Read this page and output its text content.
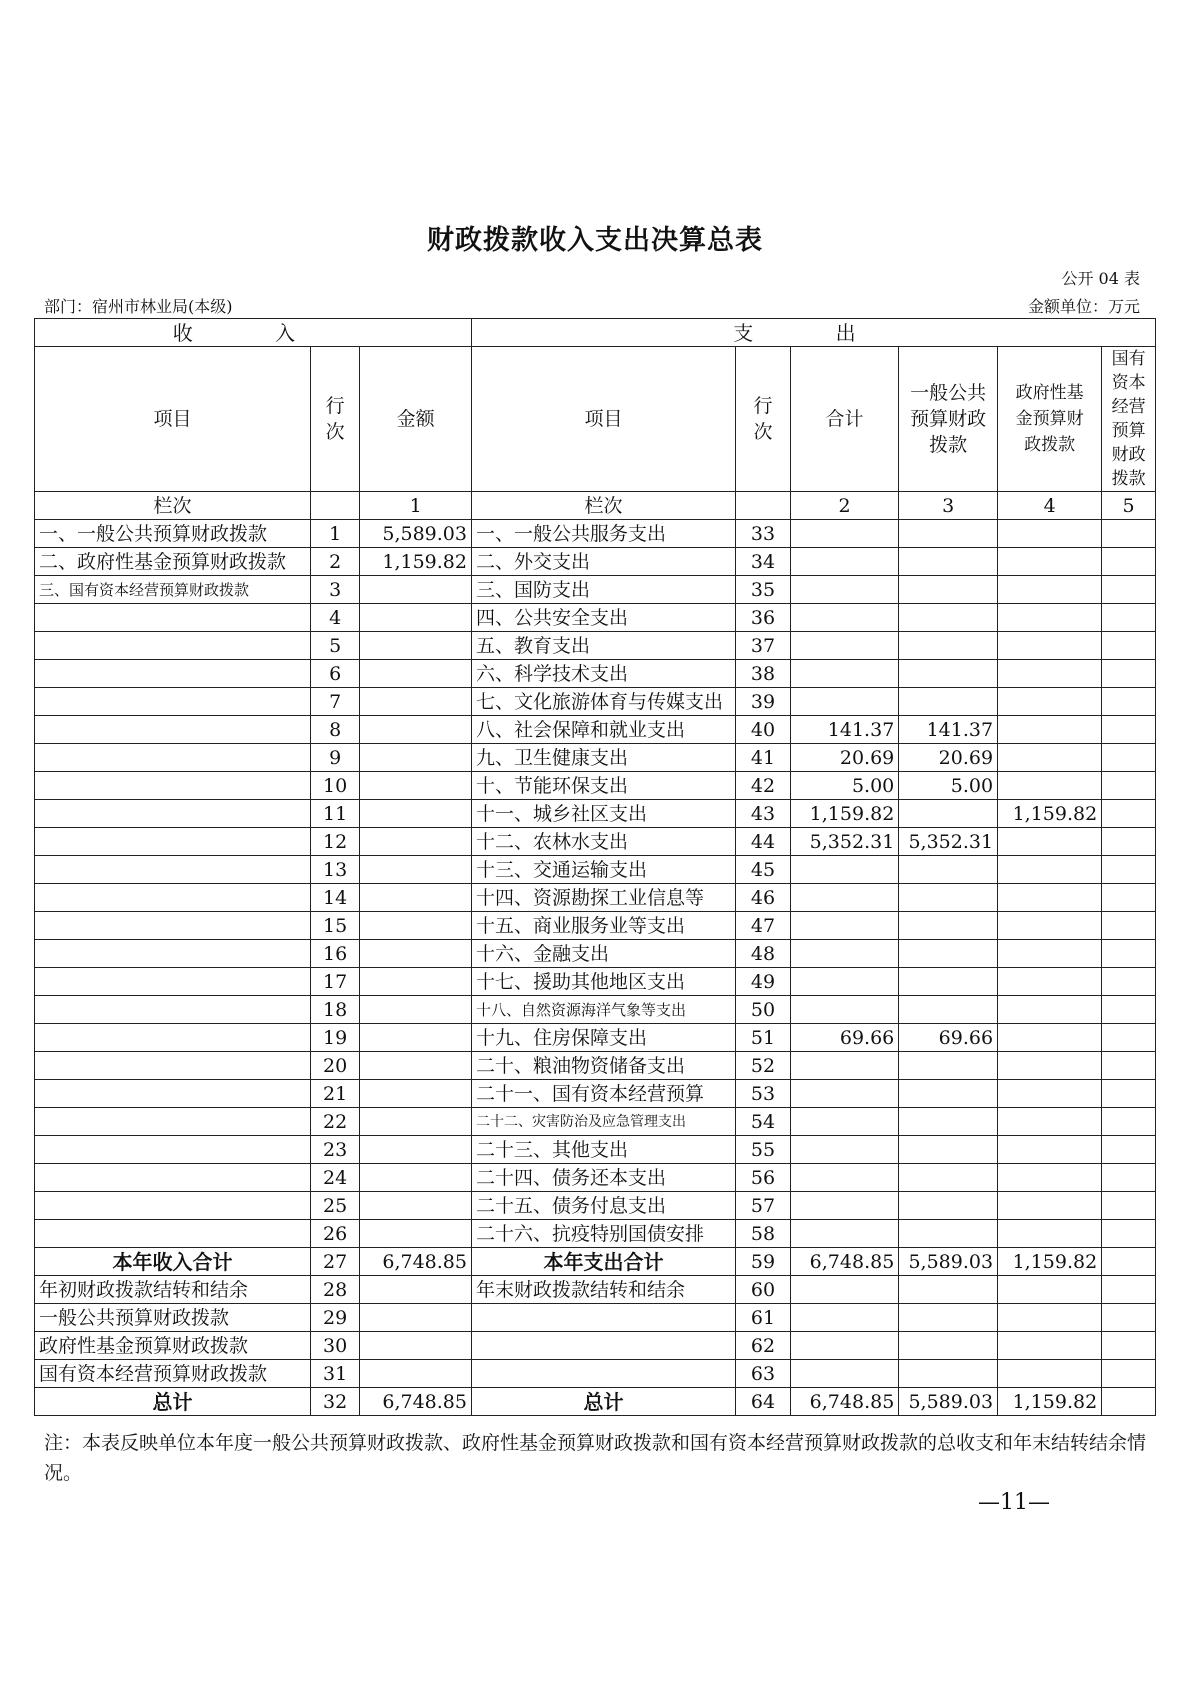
财政拨款收入支出决算总表
公开 04 表
部门：宿州市林业局(本级)	金额单位：万元
收 入			支 出					
项目	行次	金额	项目	行次	合计	一般公共预算财政拨款	政府性基金预算财政拨款	国有资本经营预算财政拨款
栏次		1	栏次		2	3	4	5
一、一般公共预算财政拨款	1	5,589.03	一、一般公共服务支出	33				
二、政府性基金预算财政拨款	2	1,159.82	二、外交支出	34				
三、国有资本经营预算财政拨款	3		三、国防支出	35				
	4		四、公共安全支出	36				
	5		五、教育支出	37				
	6		六、科学技术支出	38				
	7		七、文化旅游体育与传媒支出	39				
	8		八、社会保障和就业支出	40	141.37	141.37		
	9		九、卫生健康支出	41	20.69	20.69		
	10		十、节能环保支出	42	5.00	5.00		
	11		十一、城乡社区支出	43	1,159.82		1,159.82	
	12		十二、农林水支出	44	5,352.31	5,352.31		
	13		十三、交通运输支出	45				
	14		十四、资源勘探工业信息等	46				
	15		十五、商业服务业等支出	47				
	16		十六、金融支出	48				
	17		十七、援助其他地区支出	49				
	18		十八、自然资源海洋气象等支出	50				
	19		十九、住房保障支出	51	69.66	69.66		
	20		二十、粮油物资储备支出	52				
	21		二十一、国有资本经营预算	53				
	22		二十二、灾害防治及应急管理支出	54				
	23		二十三、其他支出	55				
	24		二十四、债务还本支出	56				
	25		二十五、债务付息支出	57				
	26		二十六、抗疫特别国债安排	58				
本年收入合计	27	6,748.85	本年支出合计	59	6,748.85	5,589.03	1,159.82	
年初财政拨款结转和结余	28		年末财政拨款结转和结余	60				
一般公共预算财政拨款	29			61				
政府性基金预算财政拨款	30			62				
国有资本经营预算财政拨款	31			63				
总计	32	6,748.85	总计	64	6,748.85	5,589.03	1,159.82	
注：本表反映单位本年度一般公共预算财政拨款、政府性基金预算财政拨款和国有资本经营预算财政拨款的总收支和年末结转结余情况。
—11—
